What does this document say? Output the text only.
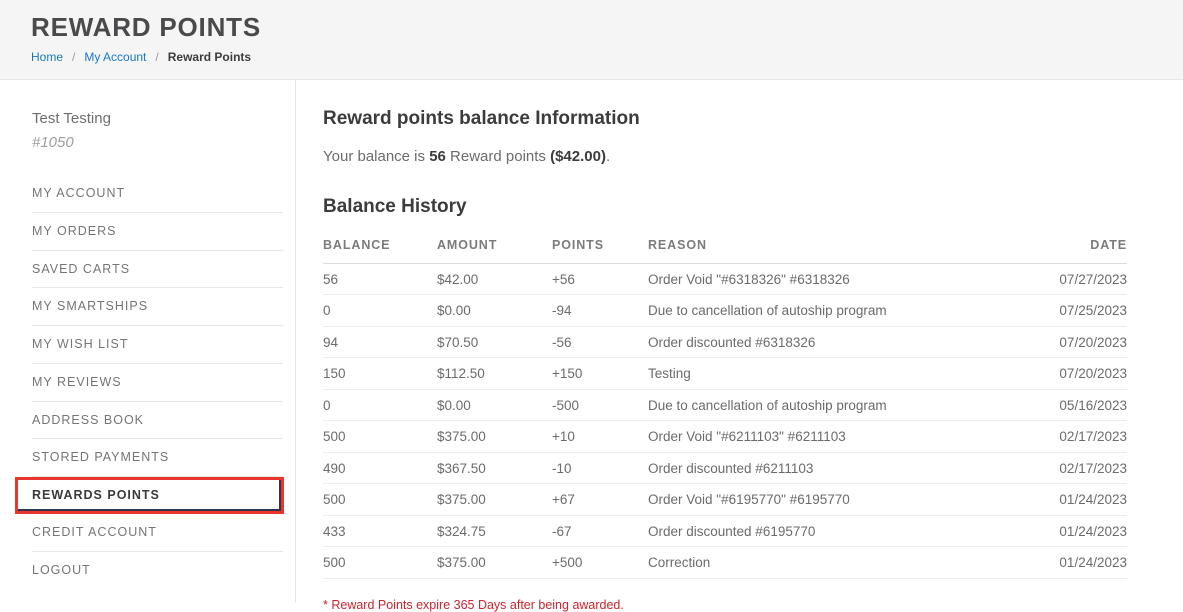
REWARD POINTS
Home / My Account / Reward Points
Test Testing
#1050
MY ACCOUNT
MY ORDERS
SAVED CARTS
MY SMARTSHIPS
MY WISH LIST
MY REVIEWS
ADDRESS BOOK
STORED PAYMENTS
REWARDS POINTS
CREDIT ACCOUNT
LOGOUT
Reward points balance Information

Your balance is 56 Reward points ($42.00).

Balance History
BALANCE	AMOUNT	POINTS	REASON	DATE
56	$42.00	+56	Order Void "#6318326" #6318326	07/27/2023
0	$0.00	-94	Due to cancellation of autoship program	07/25/2023
94	$70.50	-56	Order discounted #6318326	07/20/2023
150	$112.50	+150	Testing	07/20/2023
0	$0.00	-500	Due to cancellation of autoship program	05/16/2023
500	$375.00	+10	Order Void "#6211103" #6211103	02/17/2023
490	$367.50	-10	Order discounted #6211103	02/17/2023
500	$375.00	+67	Order Void "#6195770" #6195770	01/24/2023
433	$324.75	-67	Order discounted #6195770	01/24/2023
500	$375.00	+500	Correction	01/24/2023

* Reward Points expire 365 Days after being awarded.
